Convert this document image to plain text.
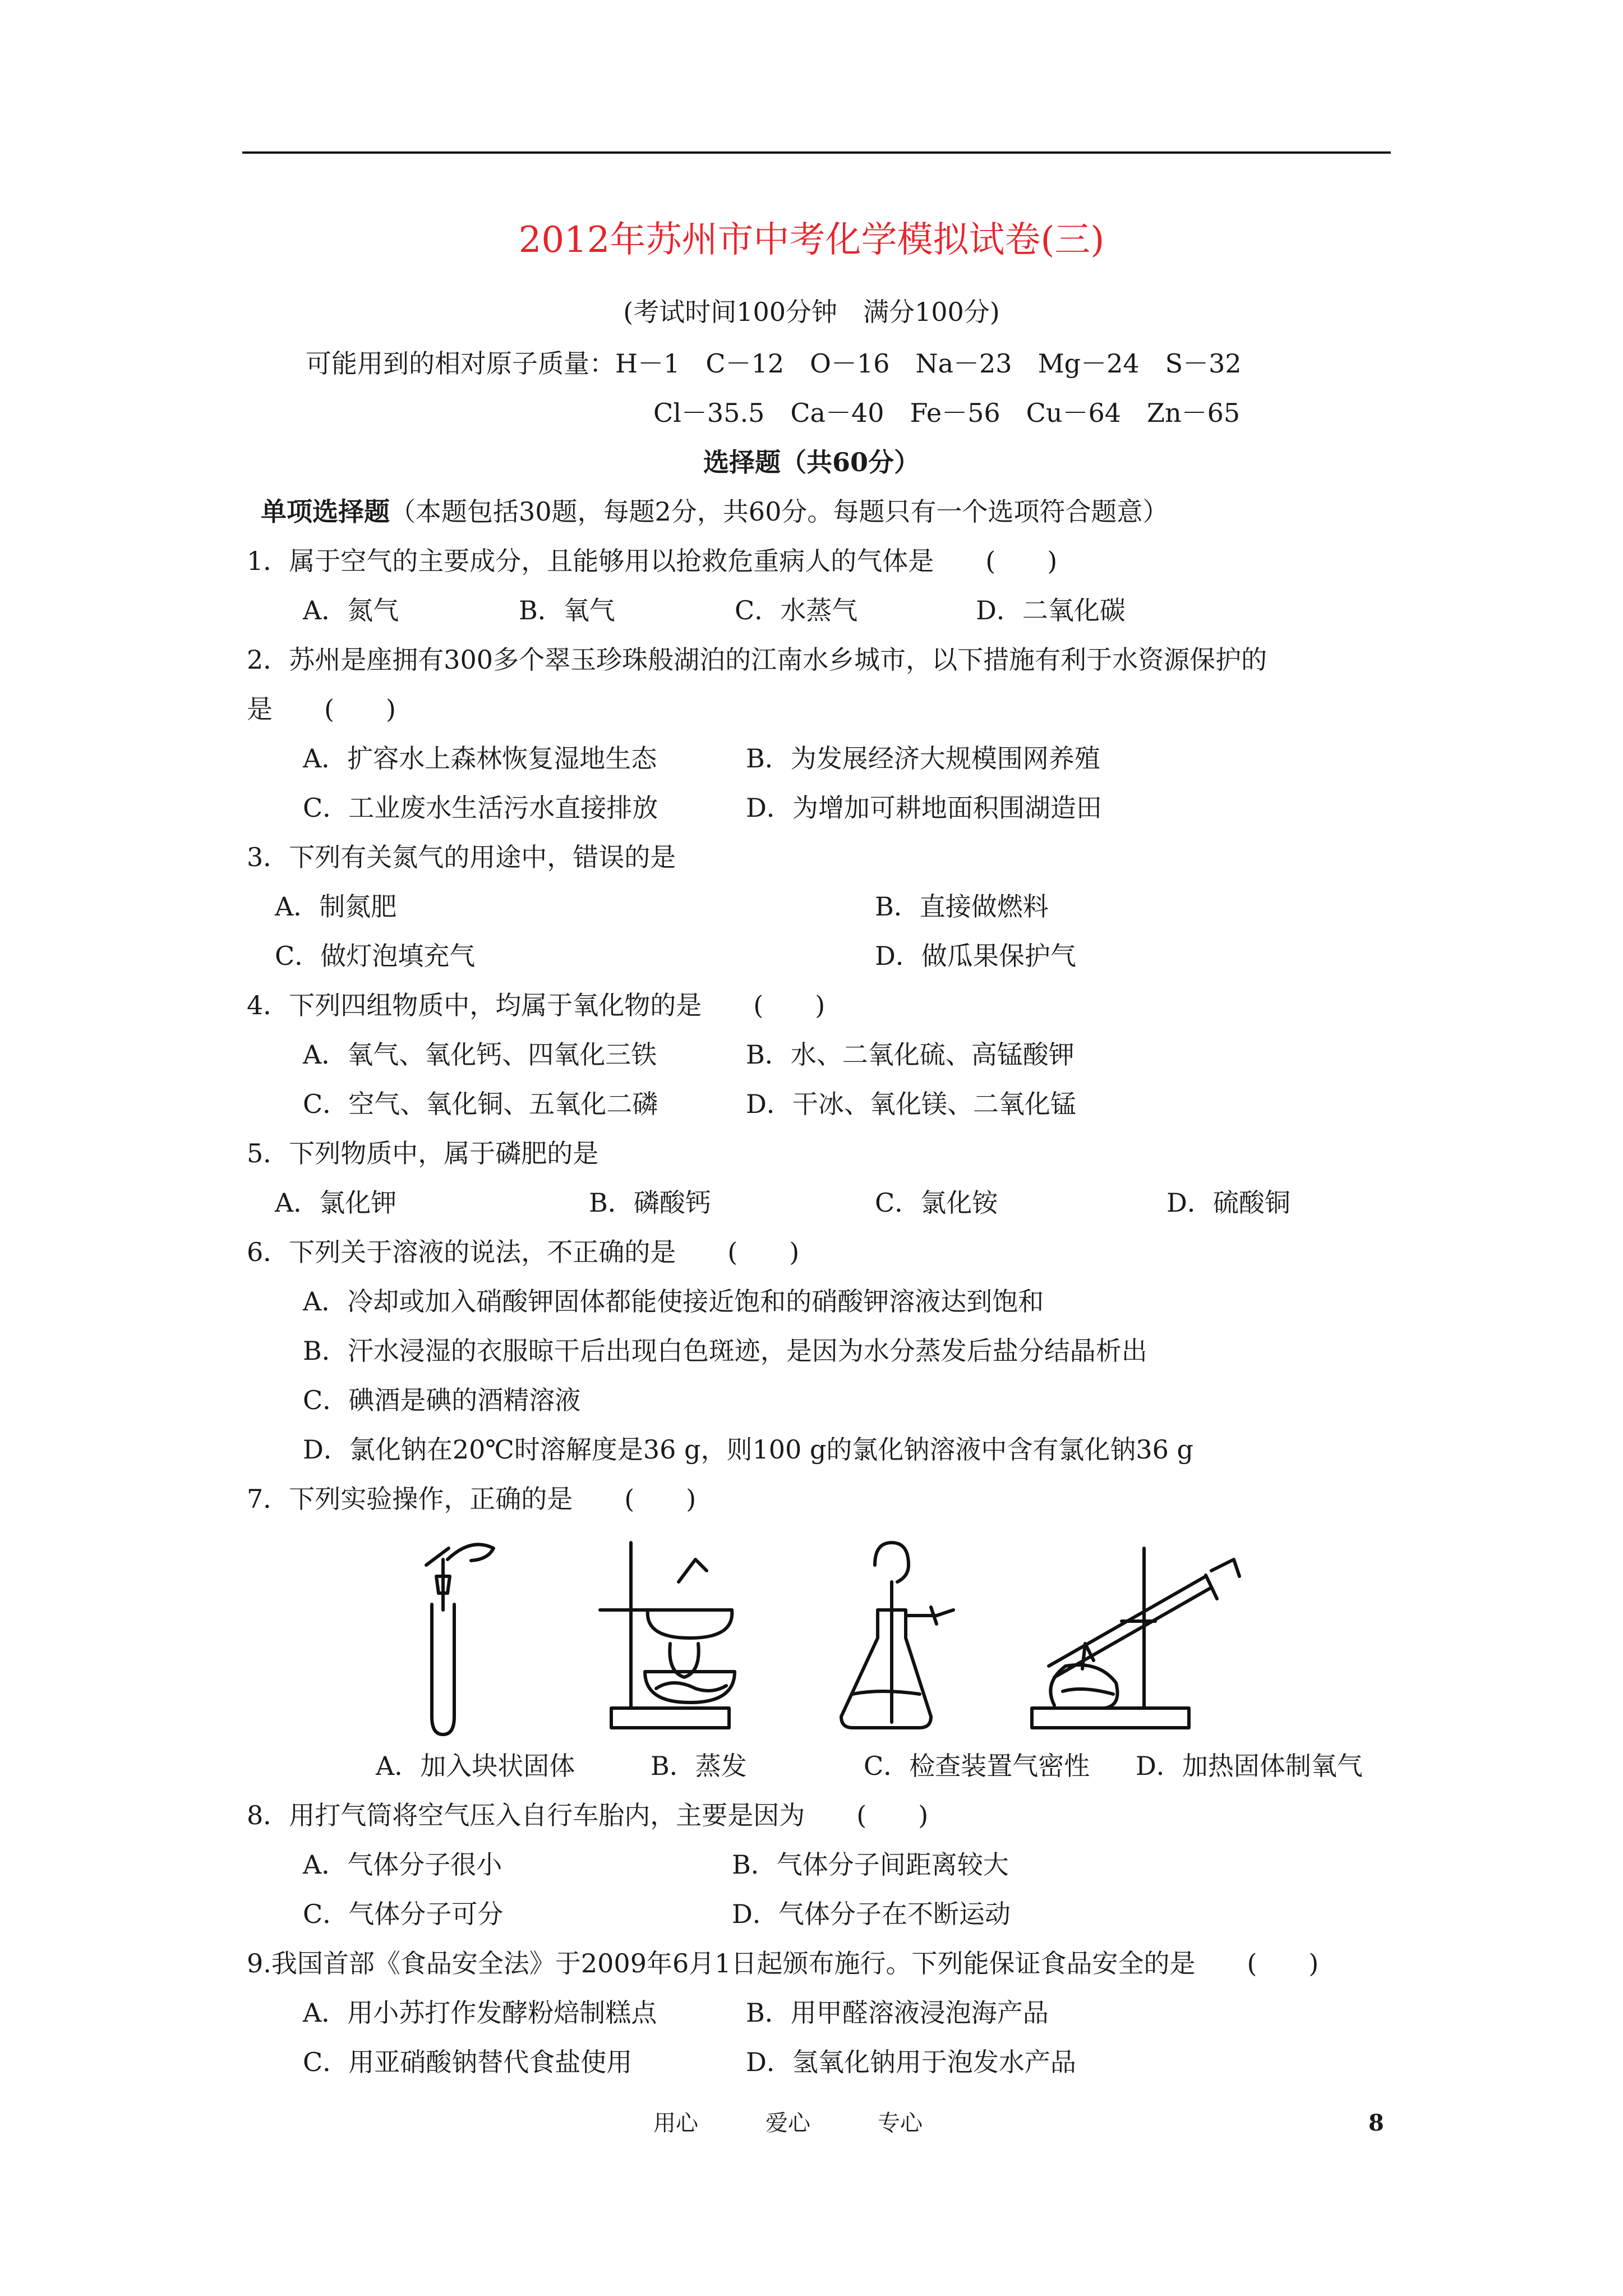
2012年苏州市中考化学模拟试卷(三)
(考试时间100分钟　满分100分)
可能用到的相对原子质量：H－1　C－12　O－16　Na－23　Mg－24　S－32
Cl－35.5　Ca－40　Fe－56　Cu－64　Zn－65
选择题（共60分）
单项选择题（本题包括30题，每题2分，共60分。每题只有一个选项符合题意）
1．属于空气的主要成分，且能够用以抢救危重病人的气体是　　(　　)
A．氮气	B．氧气	C．水蒸气	D．二氧化碳
2．苏州是座拥有300多个翠玉珍珠般湖泊的江南水乡城市，以下措施有利于水资源保护的
是　　(　　)
A．扩容水上森林恢复湿地生态	B．为发展经济大规模围网养殖
C．工业废水生活污水直接排放	D．为增加可耕地面积围湖造田
3．下列有关氮气的用途中，错误的是
A．制氮肥	B．直接做燃料
C．做灯泡填充气	D．做瓜果保护气
4．下列四组物质中，均属于氧化物的是　　(　　)
A．氧气、氧化钙、四氧化三铁	B．水、二氧化硫、高锰酸钾
C．空气、氧化铜、五氧化二磷	D．干冰、氧化镁、二氧化锰
5．下列物质中，属于磷肥的是
A．氯化钾	B．磷酸钙	C．氯化铵	D．硫酸铜
6．下列关于溶液的说法，不正确的是　　(　　)
A．冷却或加入硝酸钾固体都能使接近饱和的硝酸钾溶液达到饱和
B．汗水浸湿的衣服晾干后出现白色斑迹，是因为水分蒸发后盐分结晶析出
C．碘酒是碘的酒精溶液
D．氯化钠在20℃时溶解度是36 g，则100 g的氯化钠溶液中含有氯化钠36 g
7．下列实验操作，正确的是　　(　　)
A．加入块状固体	B．蒸发	C．检查装置气密性 D．加热固体制氧气
8．用打气筒将空气压入自行车胎内，主要是因为　　(　　)
A．气体分子很小	B．气体分子间距离较大
C．气体分子可分	D．气体分子在不断运动
9.我国首部《食品安全法》于2009年6月1日起颁布施行。下列能保证食品安全的是　　(　　)
A．用小苏打作发酵粉焙制糕点	B．用甲醛溶液浸泡海产品
C．用亚硝酸钠替代食盐使用	D．氢氧化钠用于泡发水产品
用心	爱心	专心	8
